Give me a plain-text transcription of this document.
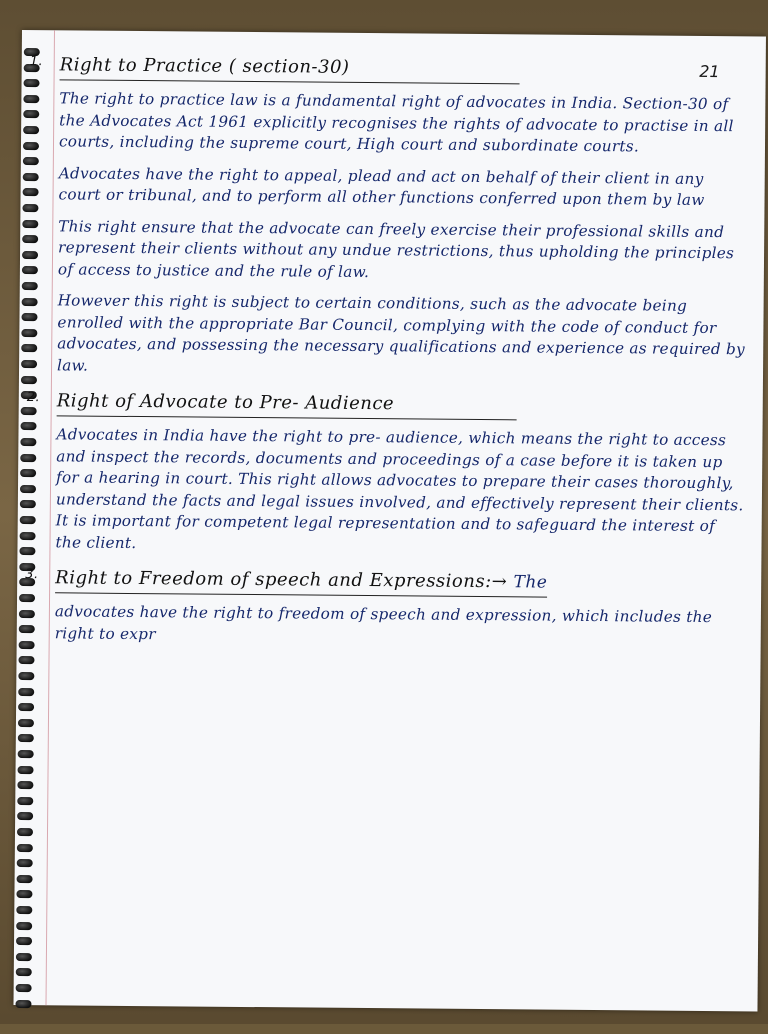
21
1. Right to Practice ( section-30)

The right to practice law is a fundamental right of advocates in India. Section-30 of the Advocates Act 1961 explicitly recognises the rights of advocate to practise in all courts, including the supreme court, High court and subordinate courts.

Advocates have the right to appeal, plead and act on behalf of their client in any court or tribunal, and to perform all other functions conferred upon them by law

This right ensure that the advocate can freely exercise their professional skills and represent their clients without any undue restrictions, thus upholding the principles of access to justice and the rule of law.

However this right is subject to certain conditions, such as the advocate being enrolled with the appropriate Bar Council, complying with the code of conduct for advocates, and possessing the necessary qualifications and experience as required by law.

2. Right of Advocate to Pre- Audience

Advocates in India have the right to pre- audience, which means the right to access and inspect the records, documents and proceedings of a case before it is taken up for a hearing in court. This right allows advocates to prepare their cases thoroughly, understand the facts and legal issues involved, and effectively represent their clients. It is important for competent legal representation and to safeguard the interest of the client.

3. Right to Freedom of speech and Expressions:→ The

advocates have the right to freedom of speech and expression, which includes the right to expr
